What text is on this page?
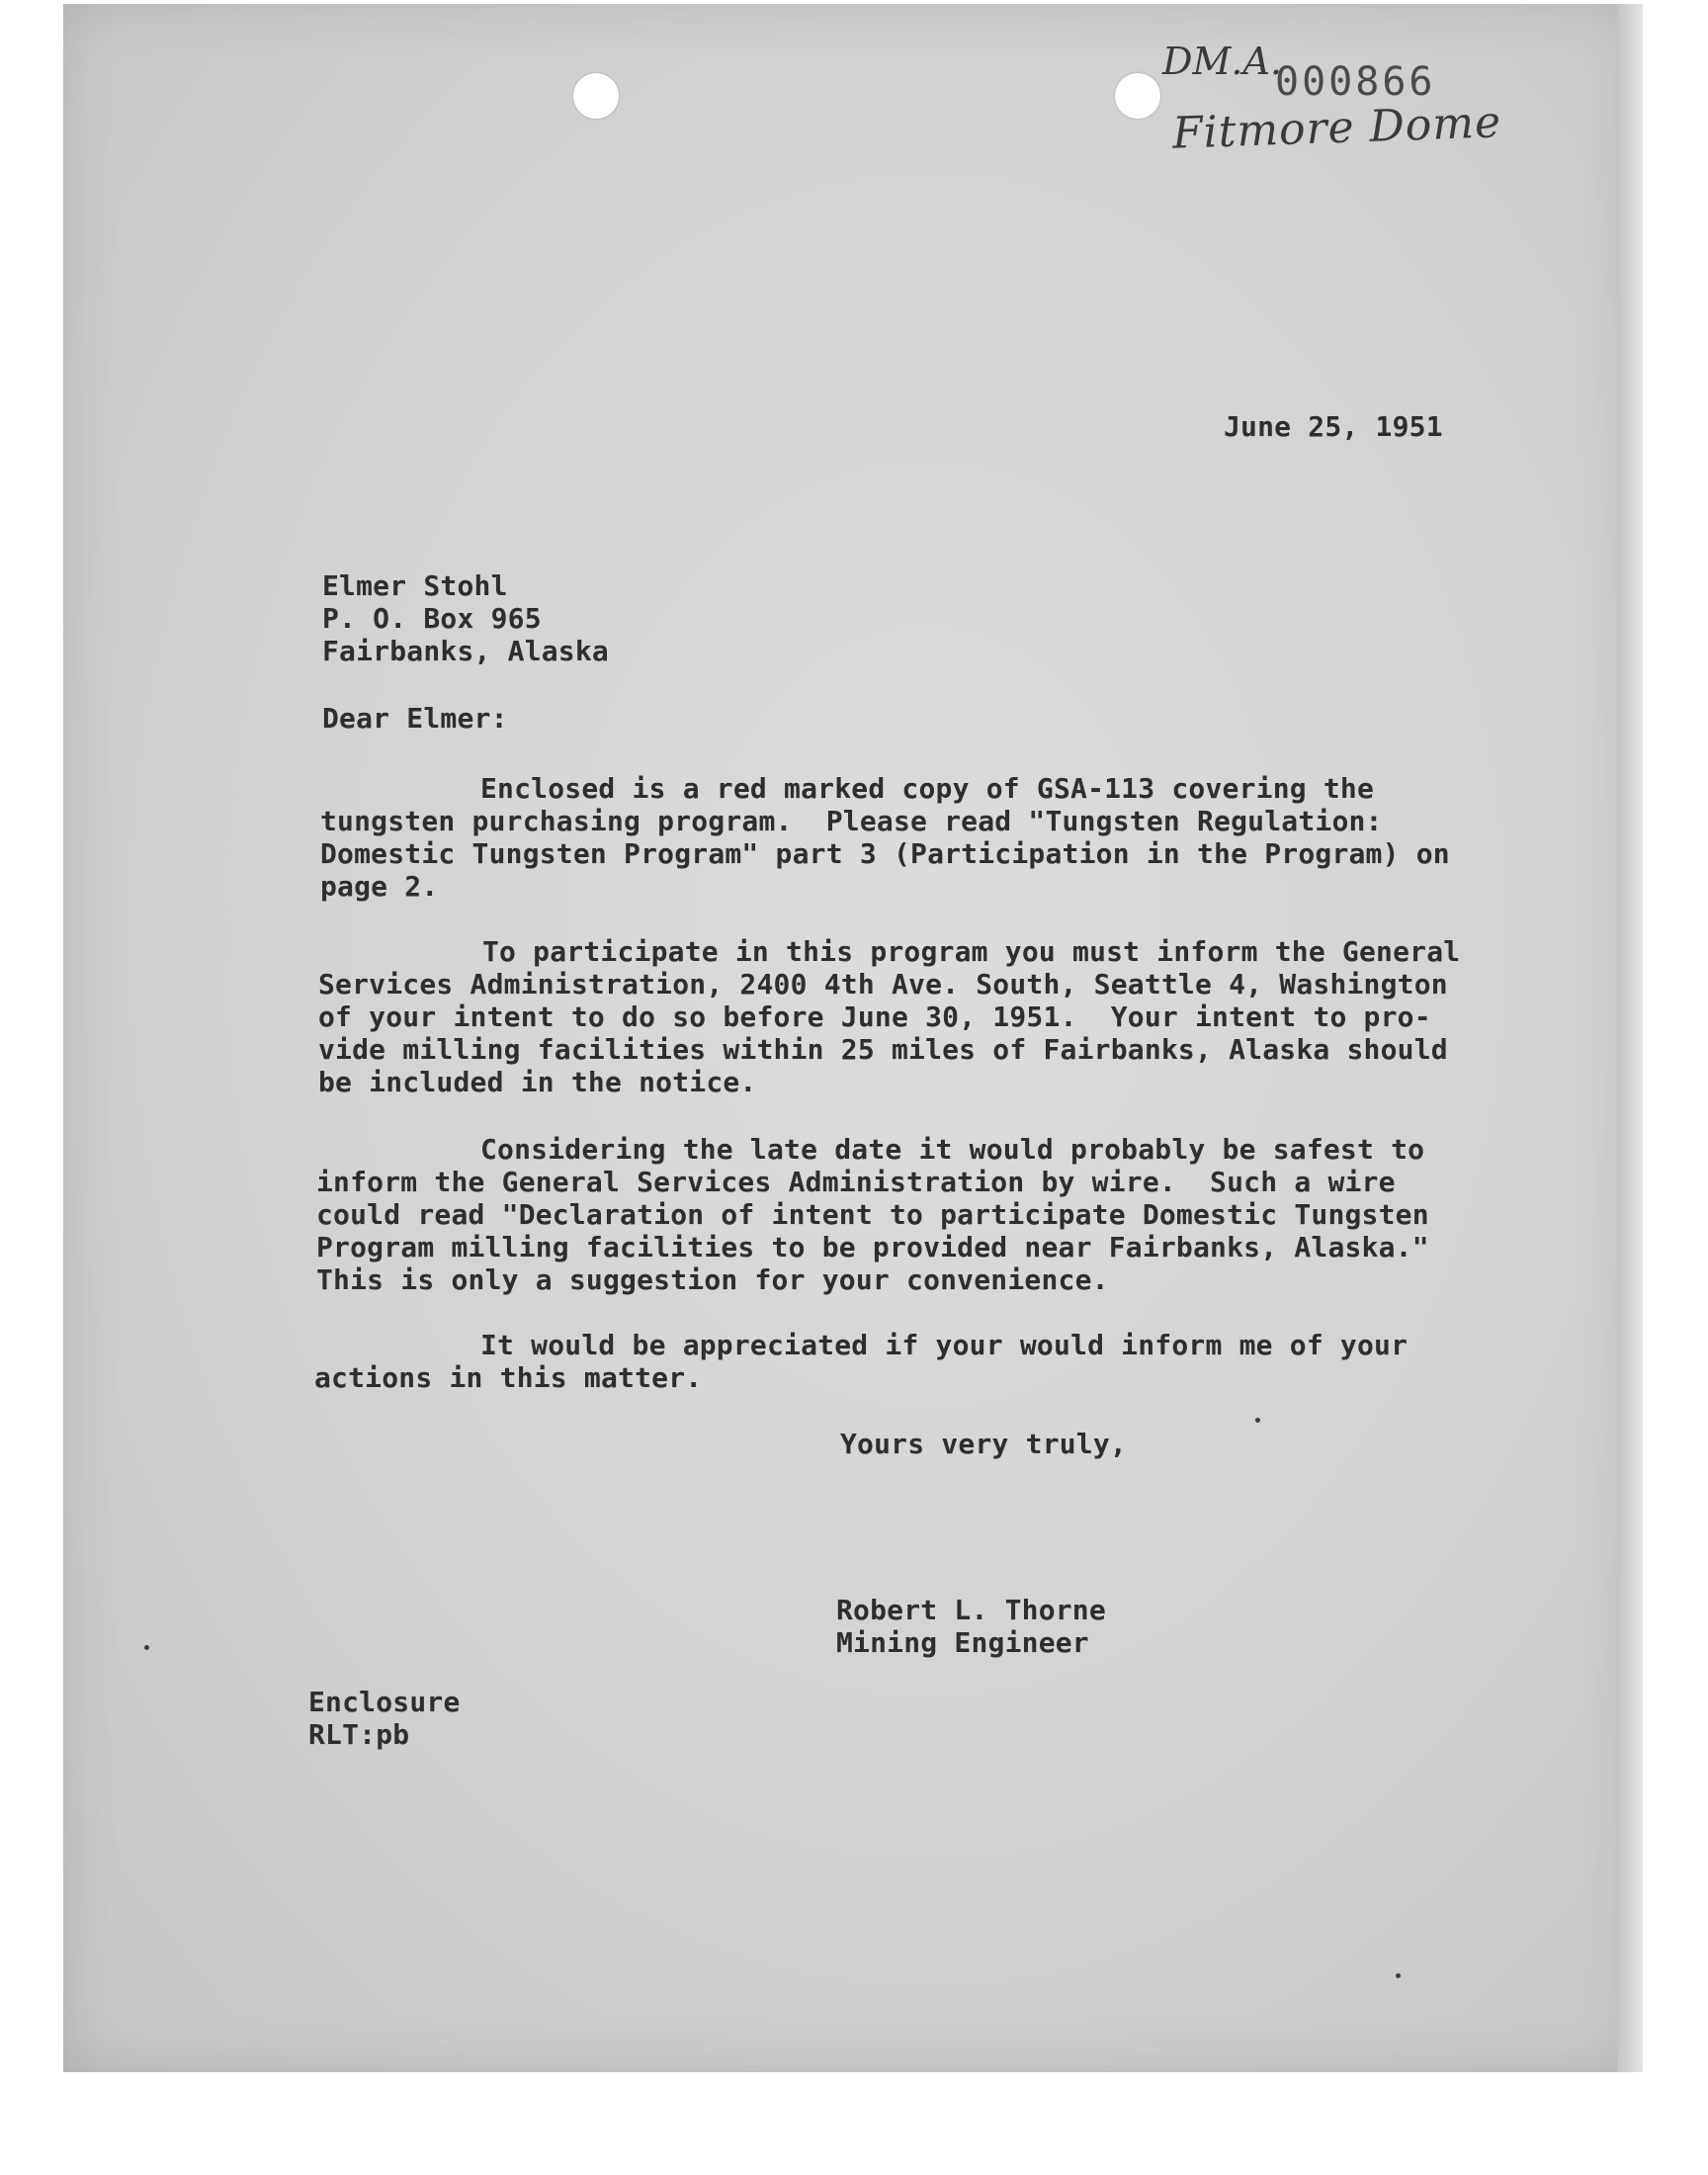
DM.A.
000866
Fitmore Dome
June 25, 1951
Elmer Stohl
P. O. Box 965
Fairbanks, Alaska
Dear Elmer:
Enclosed is a red marked copy of GSA-113 covering the
tungsten purchasing program.  Please read "Tungsten Regulation:
Domestic Tungsten Program" part 3 (Participation in the Program) on
page 2.
To participate in this program you must inform the General
Services Administration, 2400 4th Ave. South, Seattle 4, Washington
of your intent to do so before June 30, 1951.  Your intent to pro-
vide milling facilities within 25 miles of Fairbanks, Alaska should
be included in the notice.
Considering the late date it would probably be safest to
inform the General Services Administration by wire.  Such a wire
could read "Declaration of intent to participate Domestic Tungsten
Program milling facilities to be provided near Fairbanks, Alaska."
This is only a suggestion for your convenience.
It would be appreciated if your would inform me of your
actions in this matter.
Yours very truly,
Robert L. Thorne
Mining Engineer
Enclosure
RLT:pb
